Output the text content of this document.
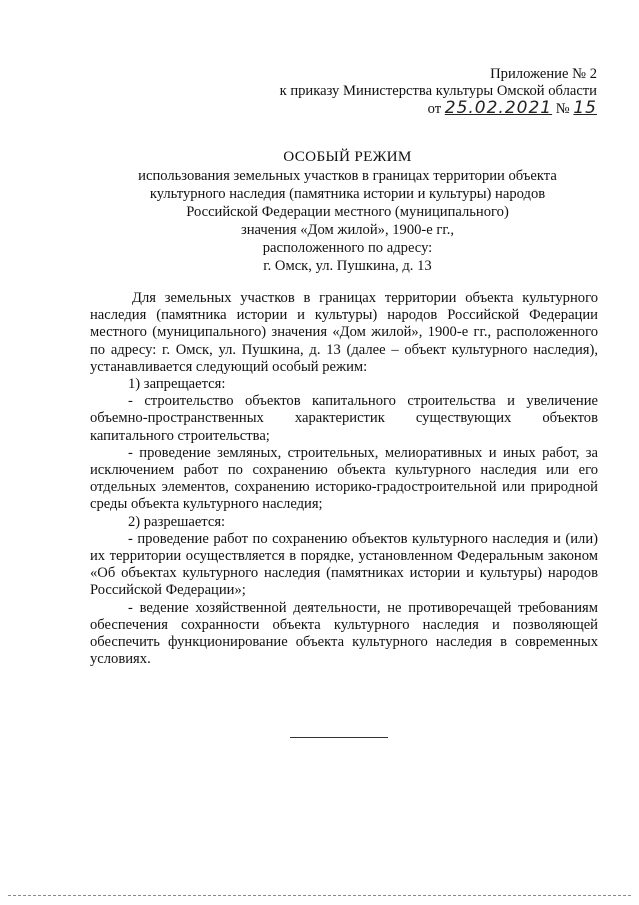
Приложение № 2
к приказу Министерства культуры Омской области
от 25.02.2021 № 15
ОСОБЫЙ РЕЖИМ
использования земельных участков в границах территории объекта
культурного наследия (памятника истории и культуры) народов
Российской Федерации местного (муниципального)
значения «Дом жилой», 1900-е гг.,
расположенного по адресу:
г. Омск, ул. Пушкина, д. 13

Для земельных участков в границах территории объекта культурного наследия (памятника истории и культуры) народов Российской Федерации местного (муниципального) значения «Дом жилой», 1900-е гг., расположенного по адресу: г. Омск, ул. Пушкина, д. 13 (далее – объект культурного наследия), устанавливается следующий особый режим:

1) запрещается:

- строительство объектов капитального строительства и увеличение объемно-пространственных характеристик существующих объектов капитального строительства;

- проведение земляных, строительных, мелиоративных и иных работ, за исключением работ по сохранению объекта культурного наследия или его отдельных элементов, сохранению историко-градостроительной или природной среды объекта культурного наследия;

2) разрешается:

- проведение работ по сохранению объектов культурного наследия и (или) их территории осуществляется в порядке, установленном Федеральным законом «Об объектах культурного наследия (памятниках истории и культуры) народов Российской Федерации»;

- ведение хозяйственной деятельности, не противоречащей требованиям обеспечения сохранности объекта культурного наследия и позволяющей обеспечить функционирование объекта культурного наследия в современных условиях.
